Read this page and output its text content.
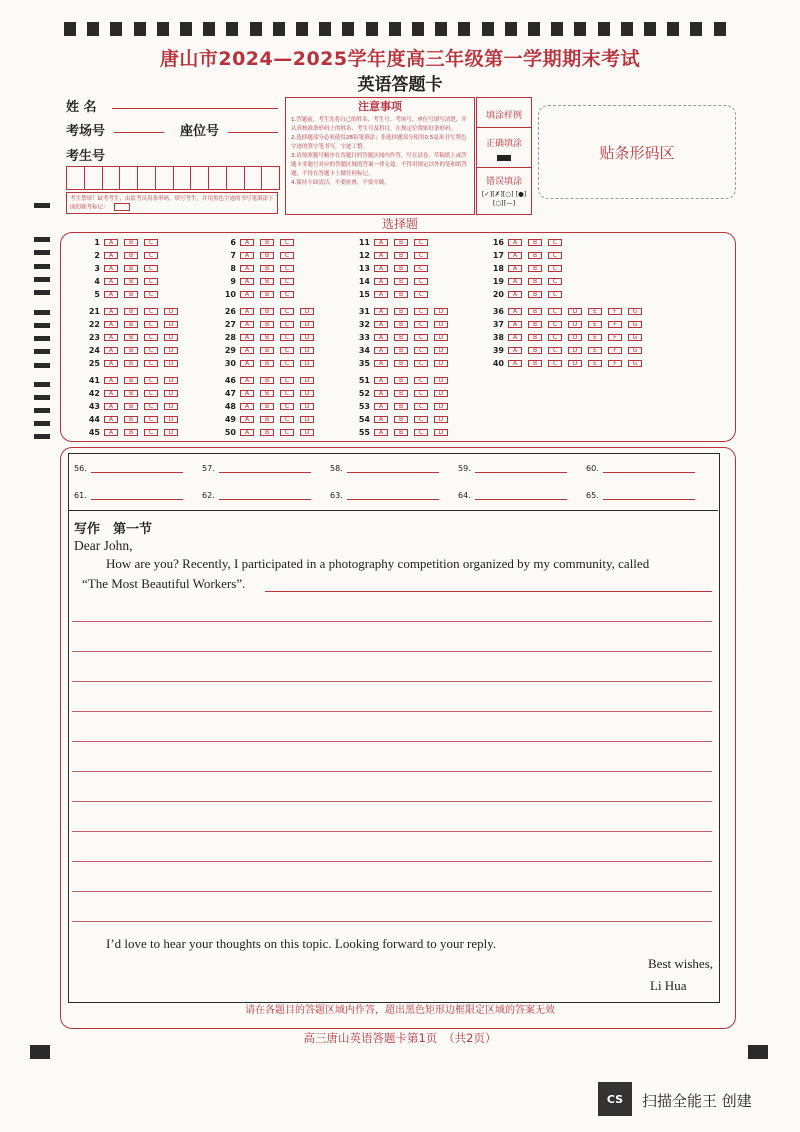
唐山市2024—2025学年度高三年级第一学期期末考试
英语答题卡
姓 名
考场号	座位号
考生号
考生禁填！缺考考生，由监考员用条形码，填写考生，并用黑色字迹的书写笔填涂下面的缺考标记：
注意事项
1.答题前，考生先将自己的姓名、考生号、考场号、座位号填写清楚，并认真核准条形码上的姓名、考生号及科目，在规定位置贴好条形码。
2.选择题部分必须使用2B铅笔填涂；非选择题部分使用0.5毫米书写黑色字迹的签字笔书写，字迹工整。
3.请按照题号顺序在各题目的答题区域内作答，写在试卷、草稿纸上或答题卡非题号对应的答题区域的答案一律无效。不得用规定以外的笔和纸答题，不得在答题卡上做任何标记。
4.保持卡面清洁，不要折叠，不要弄破。
填涂样例
正确填涂
错误填涂
[✓][✗][○] [●][○][—]
贴条形码区
选择题
1	A	B	C
2	A	B	C
3	A	B	C
4	A	B	C
5	A	B	C
6	A	B	C
7	A	B	C
8	A	B	C
9	A	B	C
10	A	B	C
11	A	B	C
12	A	B	C
13	A	B	C
14	A	B	C
15	A	B	C
16	A	B	C
17	A	B	C
18	A	B	C
19	A	B	C
20	A	B	C
21	A	B	C	D
22	A	B	C	D
23	A	B	C	D
24	A	B	C	D
25	A	B	C	D
26	A	B	C	D
27	A	B	C	D
28	A	B	C	D
29	A	B	C	D
30	A	B	C	D
31	A	B	C	D
32	A	B	C	D
33	A	B	C	D
34	A	B	C	D
35	A	B	C	D
36	A	B	C	D	E	F	G
37	A	B	C	D	E	F	G
38	A	B	C	D	E	F	G
39	A	B	C	D	E	F	G
40	A	B	C	D	E	F	G
41	A	B	C	D
42	A	B	C	D
43	A	B	C	D
44	A	B	C	D
45	A	B	C	D
46	A	B	C	D
47	A	B	C	D
48	A	B	C	D
49	A	B	C	D
50	A	B	C	D
51	A	B	C	D
52	A	B	C	D
53	A	B	C	D
54	A	B	C	D
55	A	B	C	D
56.	57.	58.	59.	60.
61.	62.	63.	64.	65.
写作　第一节
Dear John,
How are you? Recently, I participated in a photography competition organized by my community, called
“The Most Beautiful Workers”.
I’d love to hear your thoughts on this topic. Looking forward to your reply.
Best wishes,
Li Hua
请在各题目的答题区域内作答，超出黑色矩形边框限定区域的答案无效
高三唐山英语答题卡第1页　（共2页）
CS 扫描全能王 创建
